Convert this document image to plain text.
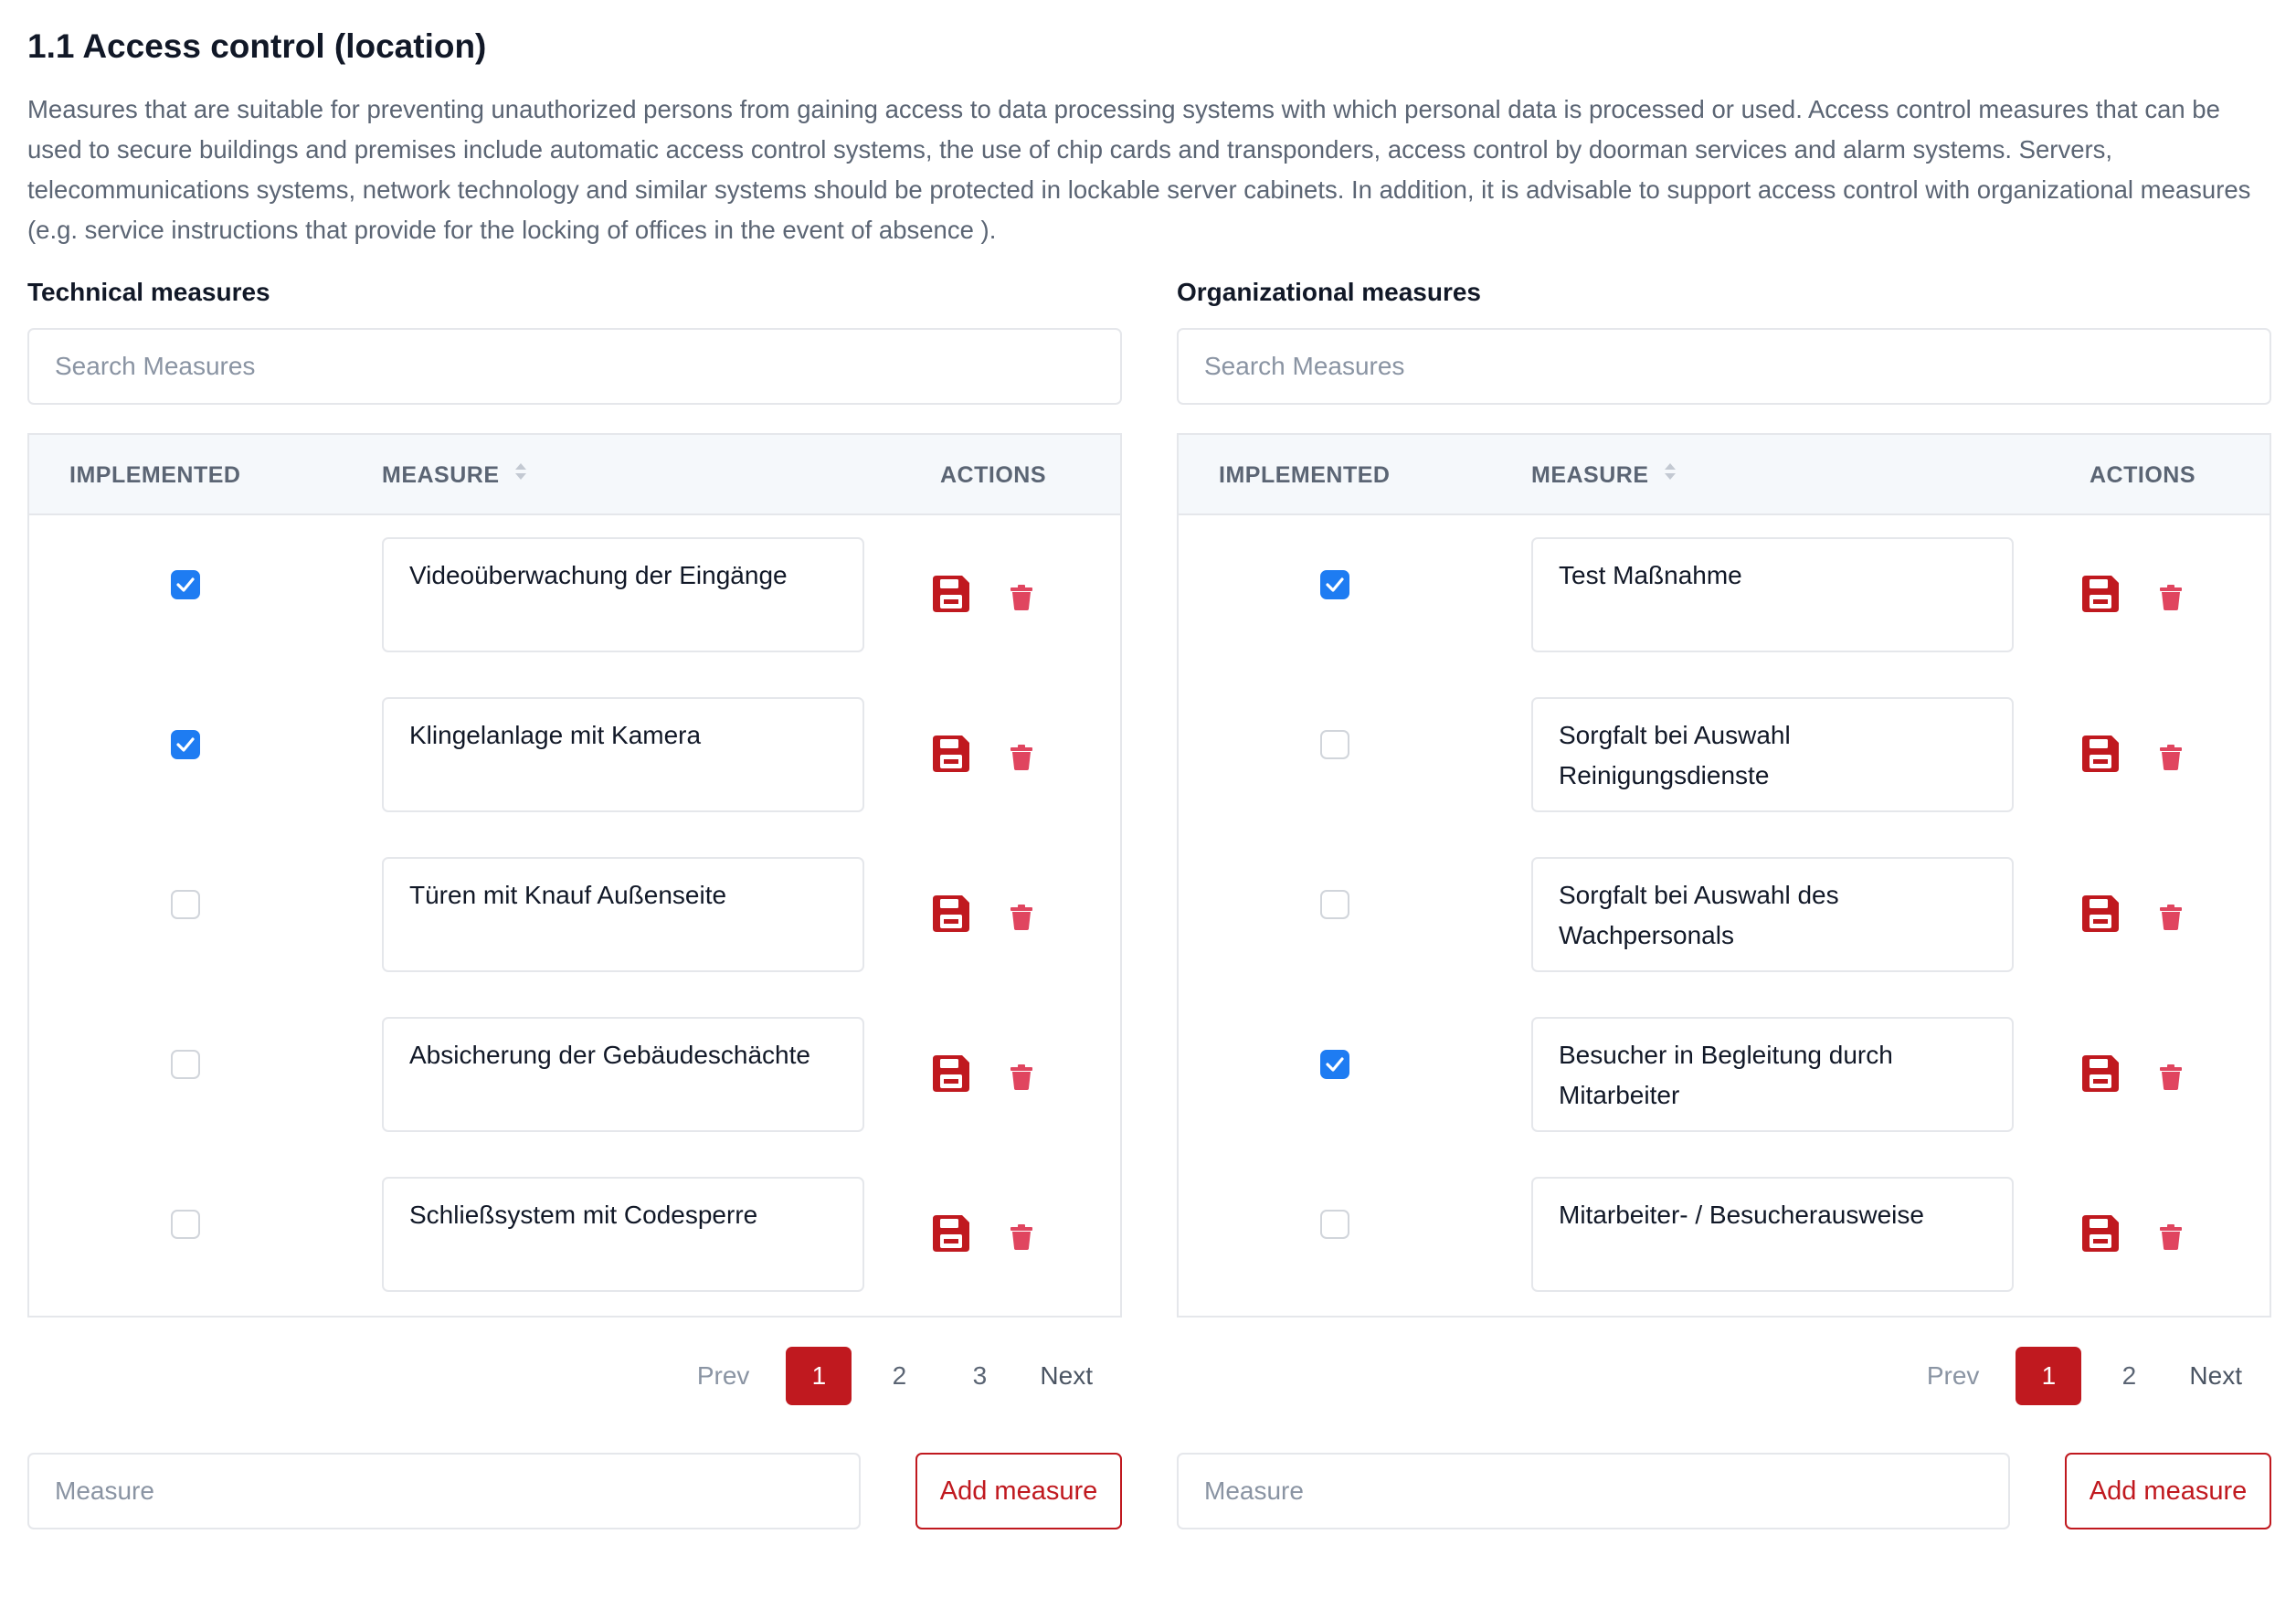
1.1 Access control (location)

Measures that are suitable for preventing unauthorized persons from gaining access to data processing systems with which personal data is processed or used. Access control measures that can be used to secure buildings and premises include automatic access control systems, the use of chip cards and transponders, access control by doorman services and alarm systems. Servers, telecommunications systems, network technology and similar systems should be protected in lockable server cabinets. In addition, it is advisable to support access control with organizational measures (e.g. service instructions that provide for the locking of offices in the event of absence ).

Technical measures
Search Measures
IMPLEMENTED	MEASURE	ACTIONS
Videoüberwachung der Eingänge
Klingelanlage mit Kamera
Türen mit Knauf Außenseite
Absicherung der Gebäudeschächte
Schließsystem mit Codesperre
Prev	1	2	3	Next
Measure
Add measure
Organizational measures
Search Measures
IMPLEMENTED	MEASURE	ACTIONS
Test Maßnahme
Sorgfalt bei Auswahl Reinigungsdienste
Sorgfalt bei Auswahl des Wachpersonals
Besucher in Begleitung durch Mitarbeiter
Mitarbeiter- / Besucherausweise
Prev	1	2	Next
Measure
Add measure
